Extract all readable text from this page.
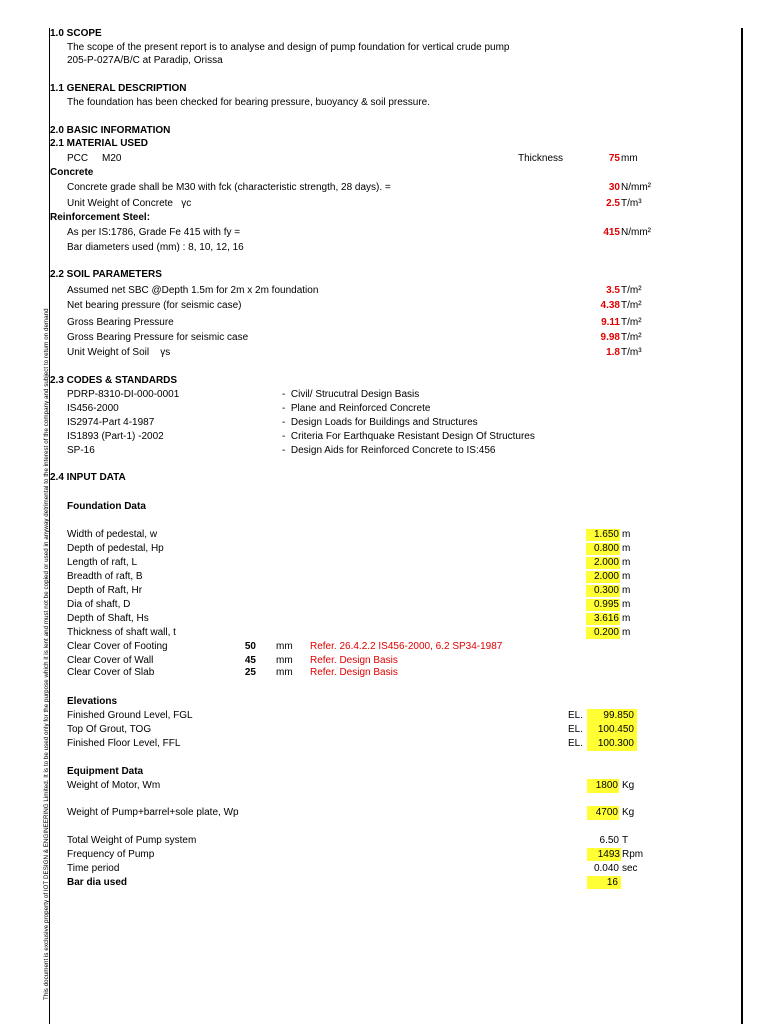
This document is exclusive property of IOT DESIGN & ENGINEERING Limited. It is to be used only for the purpose which it is lent and must not be copied or used in anyway detrimental to the interest of the company and subject to return on demand
1.0 SCOPE
The scope of the present report is to analyse and design of pump foundation for vertical crude pump
205-P-027A/B/C at Paradip, Orissa
1.1 GENERAL DESCRIPTION
The foundation has been checked for bearing pressure, buoyancy & soil pressure.
2.0 BASIC INFORMATION
2.1 MATERIAL USED
PCC     M20	Thickness	75 mm
Concrete
Concrete grade shall be M30 with fck (characteristic strength, 28 days). =	30 N/mm²
Unit Weight of Concrete   γc	2.5 T/m³
Reinforcement Steel:
As per IS:1786, Grade Fe 415 with fy =	415 N/mm²
Bar diameters used (mm) : 8, 10, 12, 16
2.2 SOIL PARAMETERS
Assumed net SBC @Depth 1.5m for 2m x 2m foundation	3.5 T/m²
Net bearing pressure (for seismic case)	4.38 T/m²
Gross Bearing Pressure	9.11 T/m²
Gross Bearing Pressure for seismic case	9.98 T/m²
Unit Weight of Soil    γs	1.8 T/m³
2.3 CODES & STANDARDS
PDRP-8310-DI-000-0001	-  Civil/ Strucutral Design Basis
IS456-2000	-  Plane and Reinforced Concrete
IS2974-Part 4-1987	-  Design Loads for Buildings and Structures
IS1893 (Part-1) -2002	-  Criteria For Earthquake Resistant Design Of Structures
SP-16	-  Design Aids for Reinforced Concrete to IS:456
2.4 INPUT DATA
Foundation Data
Width of pedestal, w	1.650 m
Depth of pedestal, Hp	0.800 m
Length of raft, L	2.000 m
Breadth of raft, B	2.000 m
Depth of Raft, Hr	0.300 m
Dia of shaft, D	0.995 m
Depth of Shaft, Hs	3.616 m
Thickness of shaft wall, t	0.200 m
Clear Cover of Footing	50 mm Refer. 26.4.2.2 IS456-2000, 6.2 SP34-1987
Clear Cover of Wall	45 mm Refer. Design Basis
Clear Cover of Slab	25 mm Refer. Design Basis
Elevations
Finished Ground Level, FGL	EL.	99.850
Top Of Grout, TOG	EL.	100.450
Finished Floor Level, FFL	EL.	100.300
Equipment Data
Weight of Motor, Wm	1800 Kg
Weight of Pump+barrel+sole plate, Wp	4700 Kg
Total Weight of Pump system	6.50 T
Frequency of Pump	1493 Rpm
Time period	0.040 sec
Bar dia used	16
